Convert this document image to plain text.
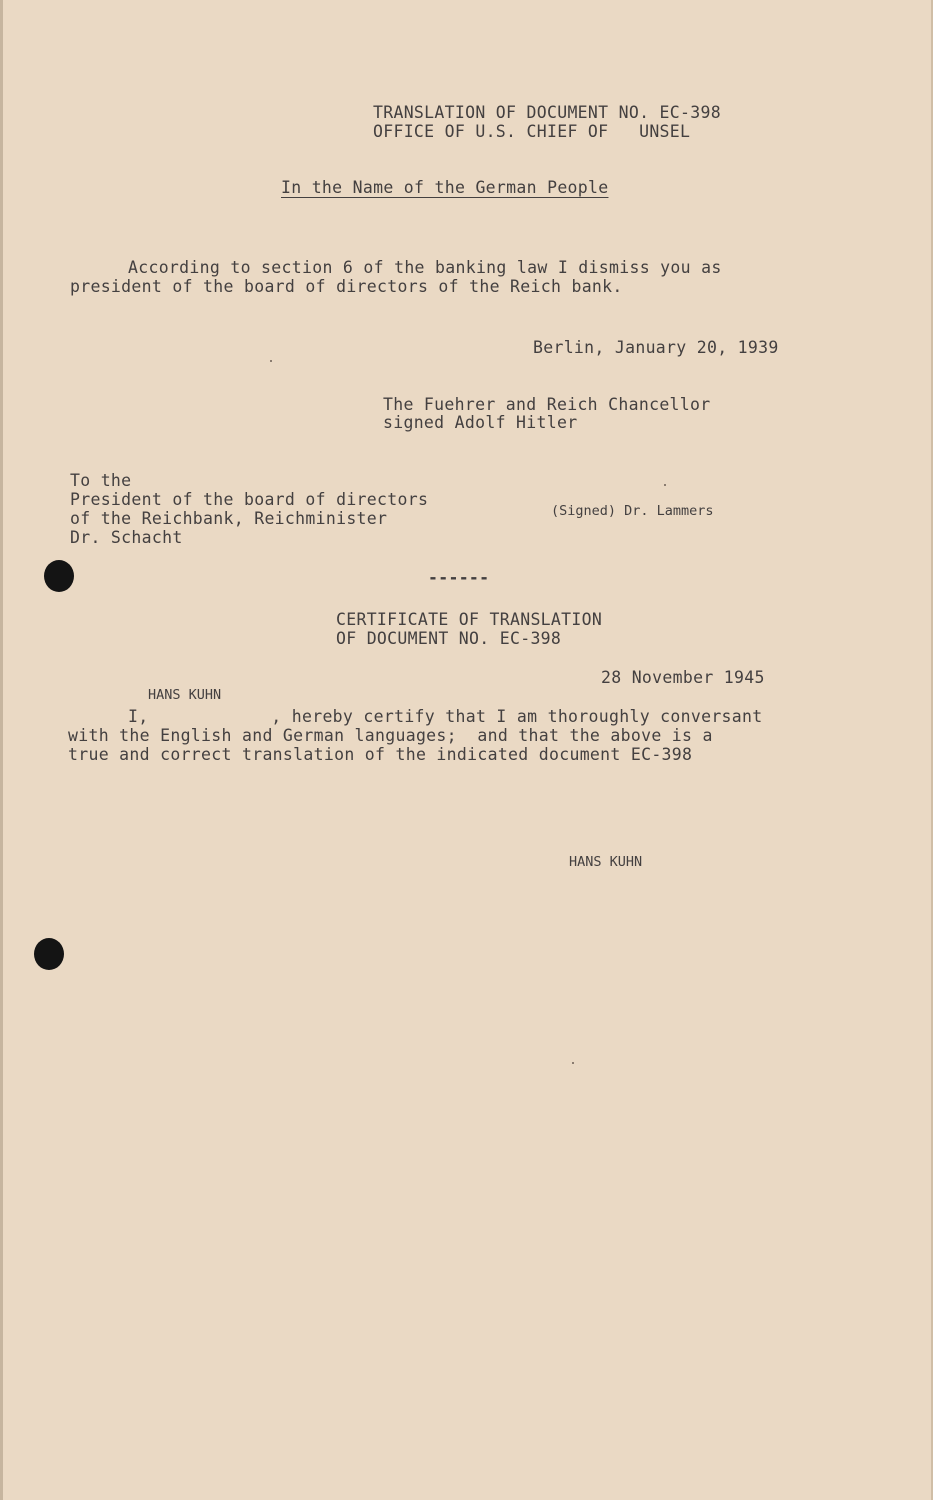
TRANSLATION OF DOCUMENT NO. EC-398
OFFICE OF U.S. CHIEF OF   UNSEL
In the Name of the German People
According to section 6 of the banking law I dismiss you as
president of the board of directors of the Reich bank.
Berlin, January 20, 1939
The Fuehrer and Reich Chancellor
signed Adolf Hitler
To the
President of the board of directors
of the Reichbank, Reichminister
Dr. Schacht
(Signed) Dr. Lammers
------
CERTIFICATE OF TRANSLATION
OF DOCUMENT NO. EC-398
28 November 1945
HANS KUHN
I,            , hereby certify that I am thoroughly conversant
with the English and German languages;  and that the above is a
true and correct translation of the indicated document EC-398
HANS KUHN
